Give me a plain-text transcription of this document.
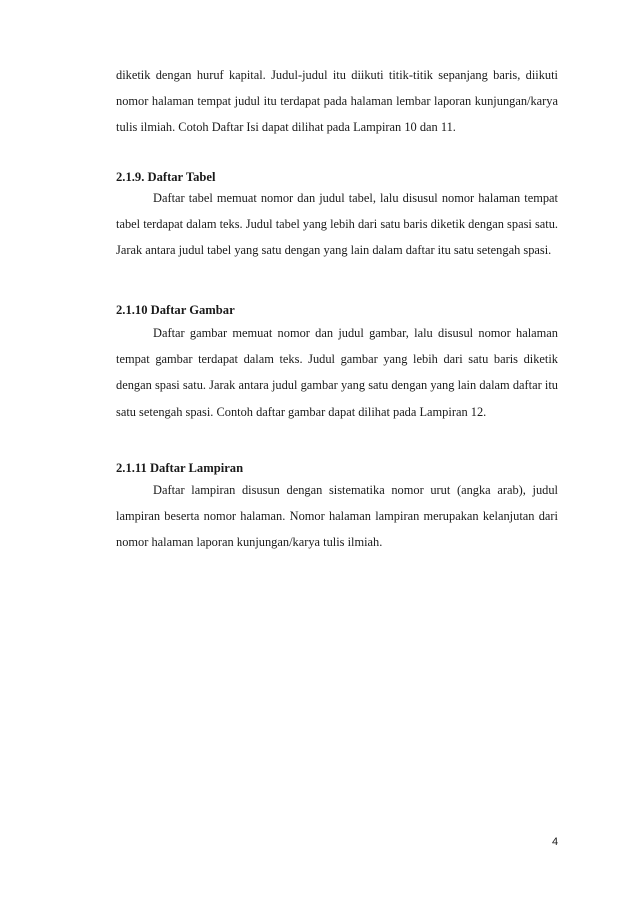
diketik dengan huruf kapital. Judul-judul itu diikuti titik-titik sepanjang baris, diikuti nomor halaman tempat judul itu terdapat pada halaman lembar laporan kunjungan/karya tulis ilmiah. Cotoh Daftar Isi dapat dilihat pada Lampiran 10 dan 11.

2.1.9. Daftar Tabel

Daftar tabel memuat nomor dan judul tabel, lalu disusul nomor halaman tempat tabel terdapat dalam teks. Judul tabel yang lebih dari satu baris diketik dengan spasi satu. Jarak antara judul tabel yang satu dengan yang lain dalam daftar itu satu setengah spasi.

2.1.10 Daftar Gambar

Daftar gambar memuat nomor dan judul gambar, lalu disusul nomor halaman tempat gambar terdapat dalam teks. Judul gambar yang lebih dari satu baris diketik dengan spasi satu. Jarak antara judul gambar yang satu dengan yang lain dalam daftar itu satu setengah spasi. Contoh daftar gambar dapat dilihat pada Lampiran 12.

2.1.11 Daftar Lampiran

Daftar lampiran disusun dengan sistematika nomor urut (angka arab), judul lampiran beserta nomor halaman. Nomor halaman lampiran merupakan kelanjutan dari nomor halaman laporan kunjungan/karya tulis ilmiah.

4
